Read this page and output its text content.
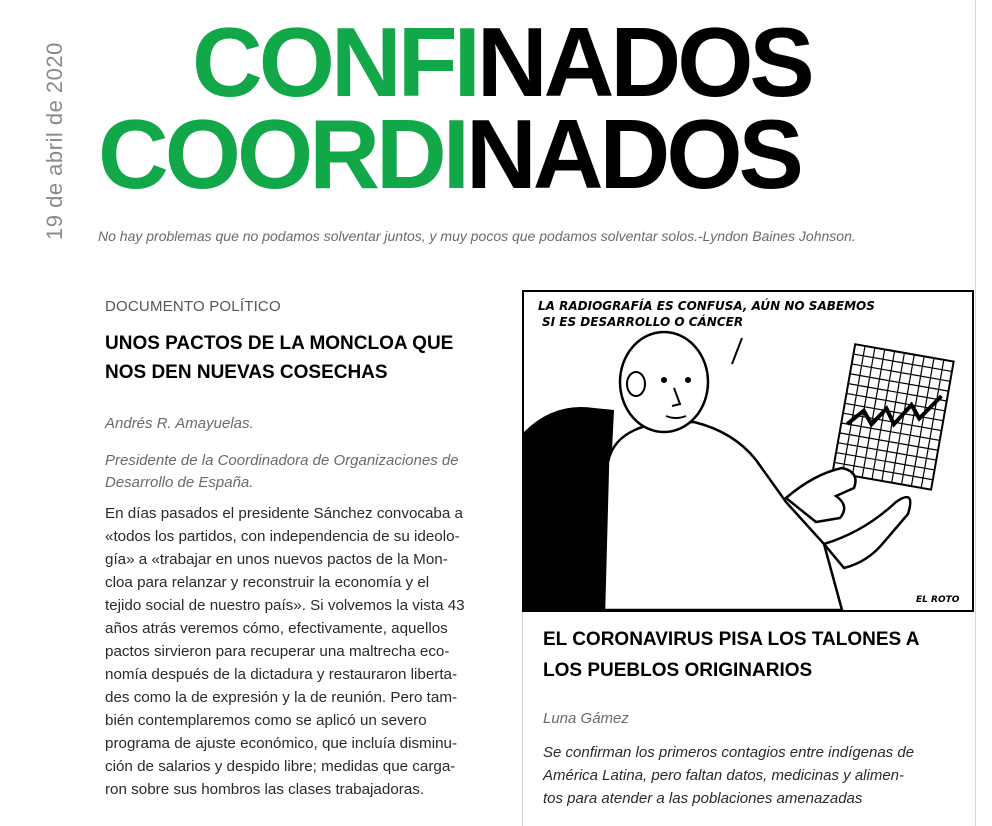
19 de abril de 2020	CONFINADOS
COORDINADOS
No hay problemas que no podamos solventar juntos, y muy pocos que podamos solventar solos.-Lyndon Baines Johnson.

DOCUMENTO POLÍTICO

UNOS PACTOS DE LA MONCLOA QUE
NOS DEN NUEVAS COSECHAS

Andrés R. Amayuelas.

Presidente de la Coordinadora de Organizaciones de Desarrollo de España.

En días pasados el presidente Sánchez convocaba a
«todos los partidos, con independencia de su ideolo-
gía» a «trabajar en unos nuevos pactos de la Mon-
cloa para relanzar y reconstruir la economía y el
tejido social de nuestro país». Si volvemos la vista 43
años atrás veremos cómo, efectivamente, aquellos
pactos sirvieron para recuperar una maltrecha eco-
nomía después de la dictadura y restauraron liberta-
des como la de expresión y la de reunión. Pero tam-
bién contemplaremos como se aplicó un severo
programa de ajuste económico, que incluía disminu-
ción de salarios y despido libre; medidas que carga-
ron sobre sus hombros las clases trabajadoras.

LA RADIOGRAFÍA ES CONFUSA, AÚN NO SABEMOS
SI ES DESARROLLO O CÁNCER
EL ROTO
EL CORONAVIRUS PISA LOS TALONES A
LOS PUEBLOS ORIGINARIOS

Luna Gámez

Se confirman los primeros contagios entre indígenas de
América Latina, pero faltan datos, medicinas y alimen-
tos para atender a las poblaciones amenazadas
